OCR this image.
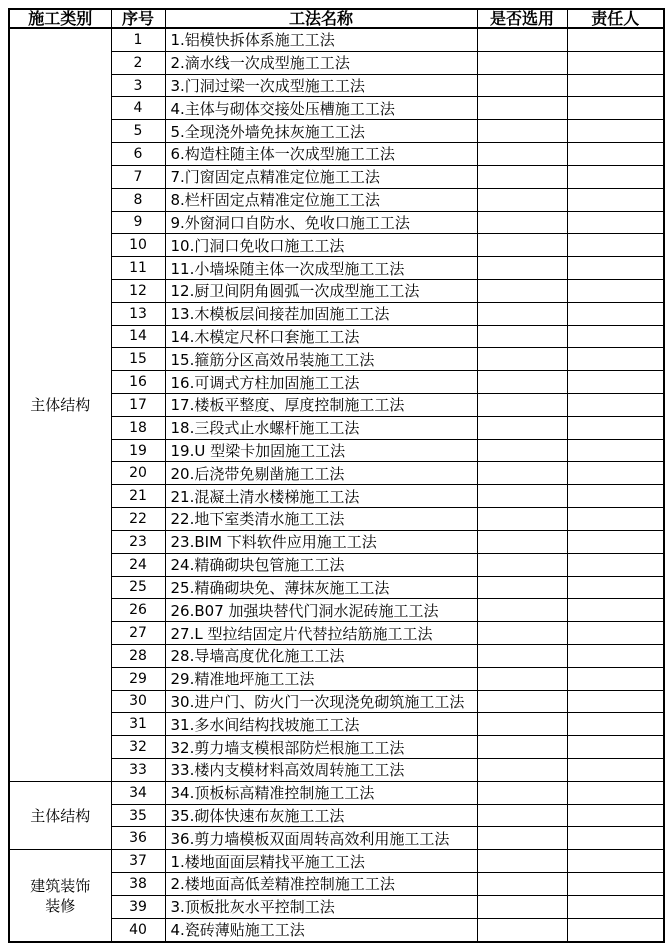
施工类别	序号	工法名称	是否选用	责任人

主体结构	1	1.铝模快拆体系施工工法		
	2	2.滴水线一次成型施工工法		
	3	3.门洞过梁一次成型施工工法		
	4	4.主体与砌体交接处压槽施工工法		
	5	5.全现浇外墙免抹灰施工工法		
	6	6.构造柱随主体一次成型施工工法		
	7	7.门窗固定点精准定位施工工法		
	8	8.栏杆固定点精准定位施工工法		
	9	9.外窗洞口自防水、免收口施工工法		
	10	10.门洞口免收口施工工法		
	11	11.小墙垛随主体一次成型施工工法		
	12	12.厨卫间阴角圆弧一次成型施工工法		
	13	13.木模板层间接茬加固施工工法		
	14	14.木模定尺杯口套施工工法		
	15	15.箍筋分区高效吊装施工工法		
	16	16.可调式方柱加固施工工法		
	17	17.楼板平整度、厚度控制施工工法		
	18	18.三段式止水螺杆施工工法		
	19	19.U 型梁卡加固施工工法		
	20	20.后浇带免剔凿施工工法		
	21	21.混凝土清水楼梯施工工法		
	22	22.地下室类清水施工工法		
	23	23.BIM 下料软件应用施工工法		
	24	24.精确砌块包管施工工法		
	25	25.精确砌块免、薄抹灰施工工法		
	26	26.B07 加强块替代门洞水泥砖施工工法		
	27	27.L 型拉结固定片代替拉结筋施工工法		
	28	28.导墙高度优化施工工法		
	29	29.精准地坪施工工法		
	30	30.进户门、防火门一次现浇免砌筑施工工法		
	31	31.多水间结构找坡施工工法		
	32	32.剪力墙支模根部防烂根施工工法		
	33	33.楼内支模材料高效周转施工工法		

主体结构	34	34.顶板标高精准控制施工工法		
	35	35.砌体快速布灰施工工法		
	36	36.剪力墙模板双面周转高效利用施工工法		

建筑装饰装修	37	1.楼地面面层精找平施工工法		
	38	2.楼地面高低差精准控制施工工法		
	39	3.顶板批灰水平控制工法		
	40	4.瓷砖薄贴施工工法		
